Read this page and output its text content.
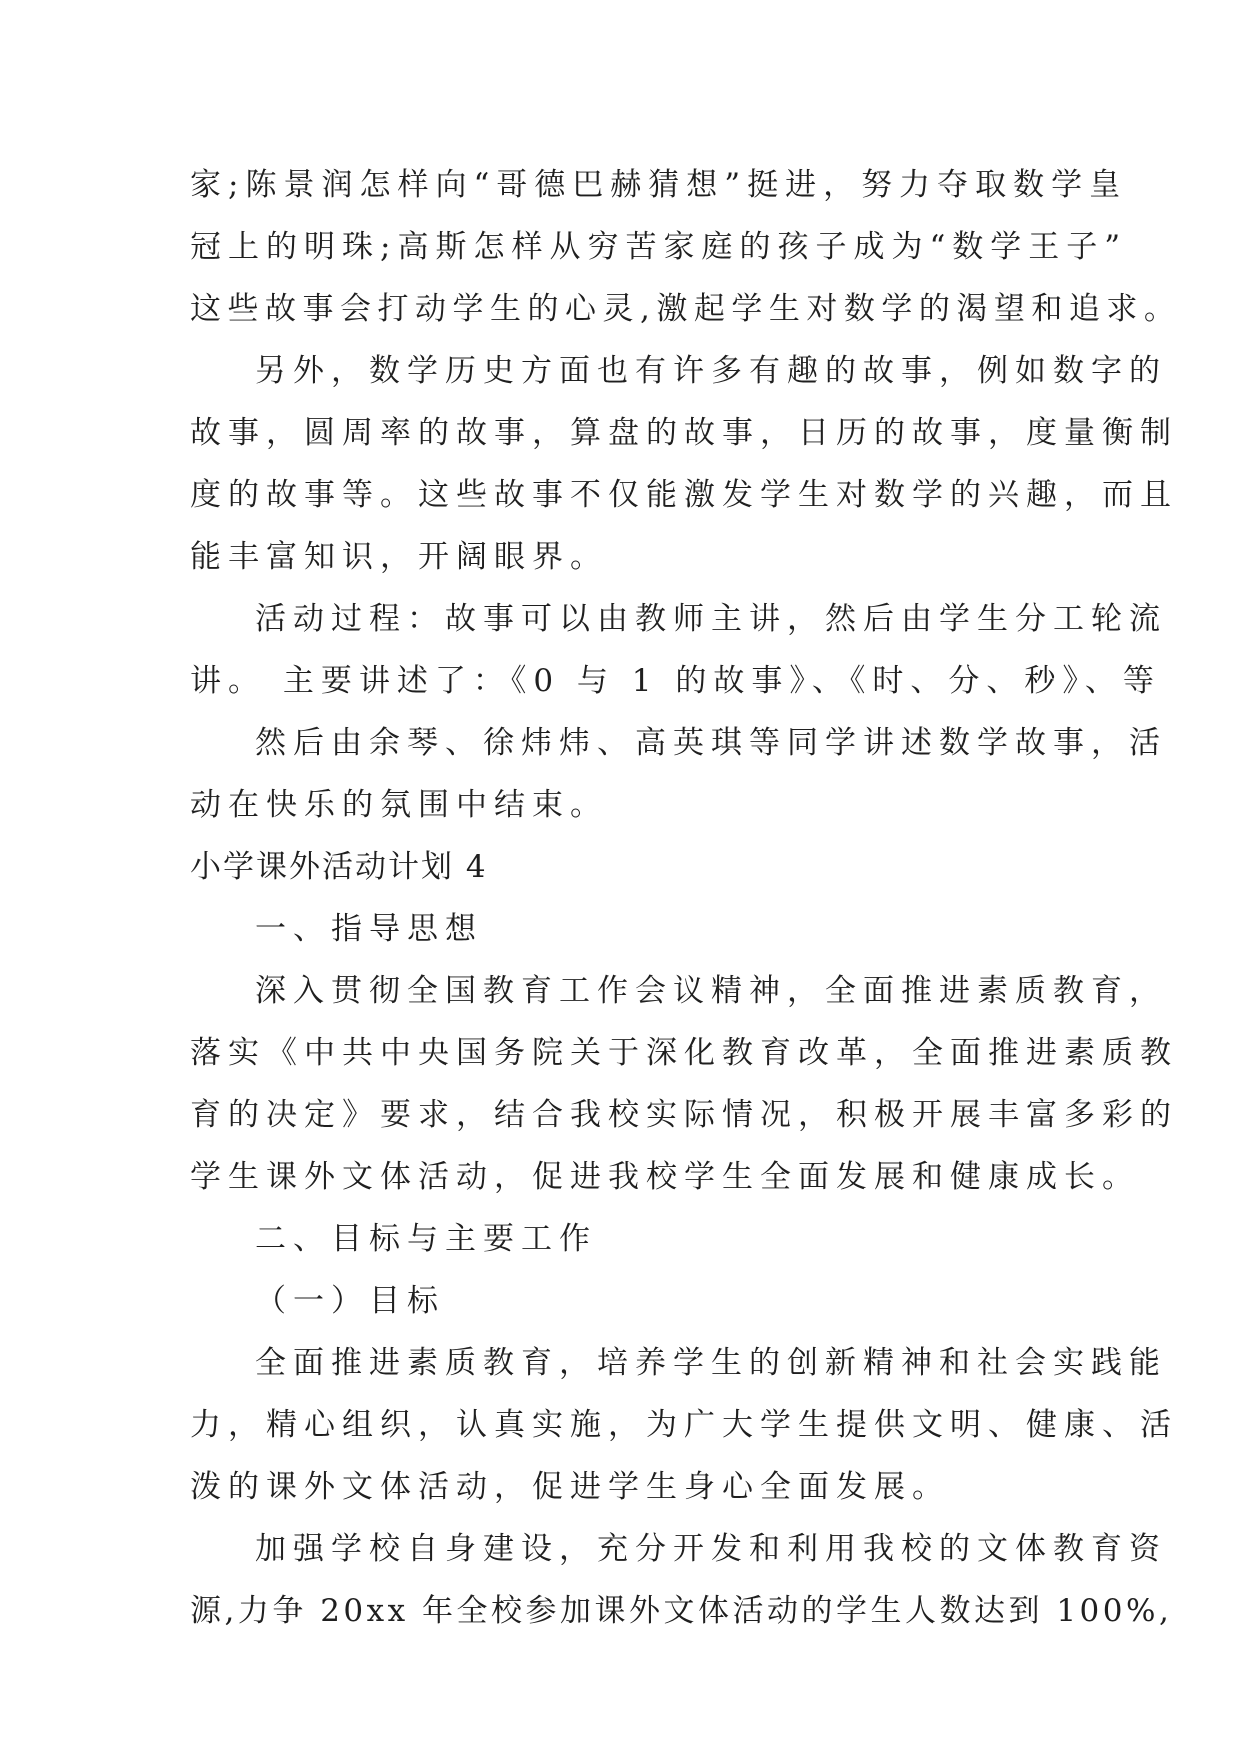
家;陈景润怎样向“哥德巴赫猜想”挺进，努力夺取数学皇

冠上的明珠;高斯怎样从穷苦家庭的孩子成为“数学王子”

这些故事会打动学生的心灵,激起学生对数学的渴望和追求。

另外，数学历史方面也有许多有趣的故事，例如数字的

故事，圆周率的故事，算盘的故事，日历的故事，度量衡制

度的故事等。这些故事不仅能激发学生对数学的兴趣，而且

能丰富知识，开阔眼界。

活动过程：故事可以由教师主讲，然后由学生分工轮流

讲。 主要讲述了：《0 与 1 的故事》、《时、分、秒》、等

然后由余琴、徐炜炜、高英琪等同学讲述数学故事，活

动在快乐的氛围中结束。

小学课外活动计划 4

一、指导思想

深入贯彻全国教育工作会议精神，全面推进素质教育，

落实《中共中央国务院关于深化教育改革，全面推进素质教

育的决定》要求，结合我校实际情况，积极开展丰富多彩的

学生课外文体活动，促进我校学生全面发展和健康成长。

二、目标与主要工作

（一）目标

全面推进素质教育，培养学生的创新精神和社会实践能

力，精心组织，认真实施，为广大学生提供文明、健康、活

泼的课外文体活动，促进学生身心全面发展。

加强学校自身建设，充分开发和利用我校的文体教育资

源,力争 20xx 年全校参加课外文体活动的学生人数达到 100%,
